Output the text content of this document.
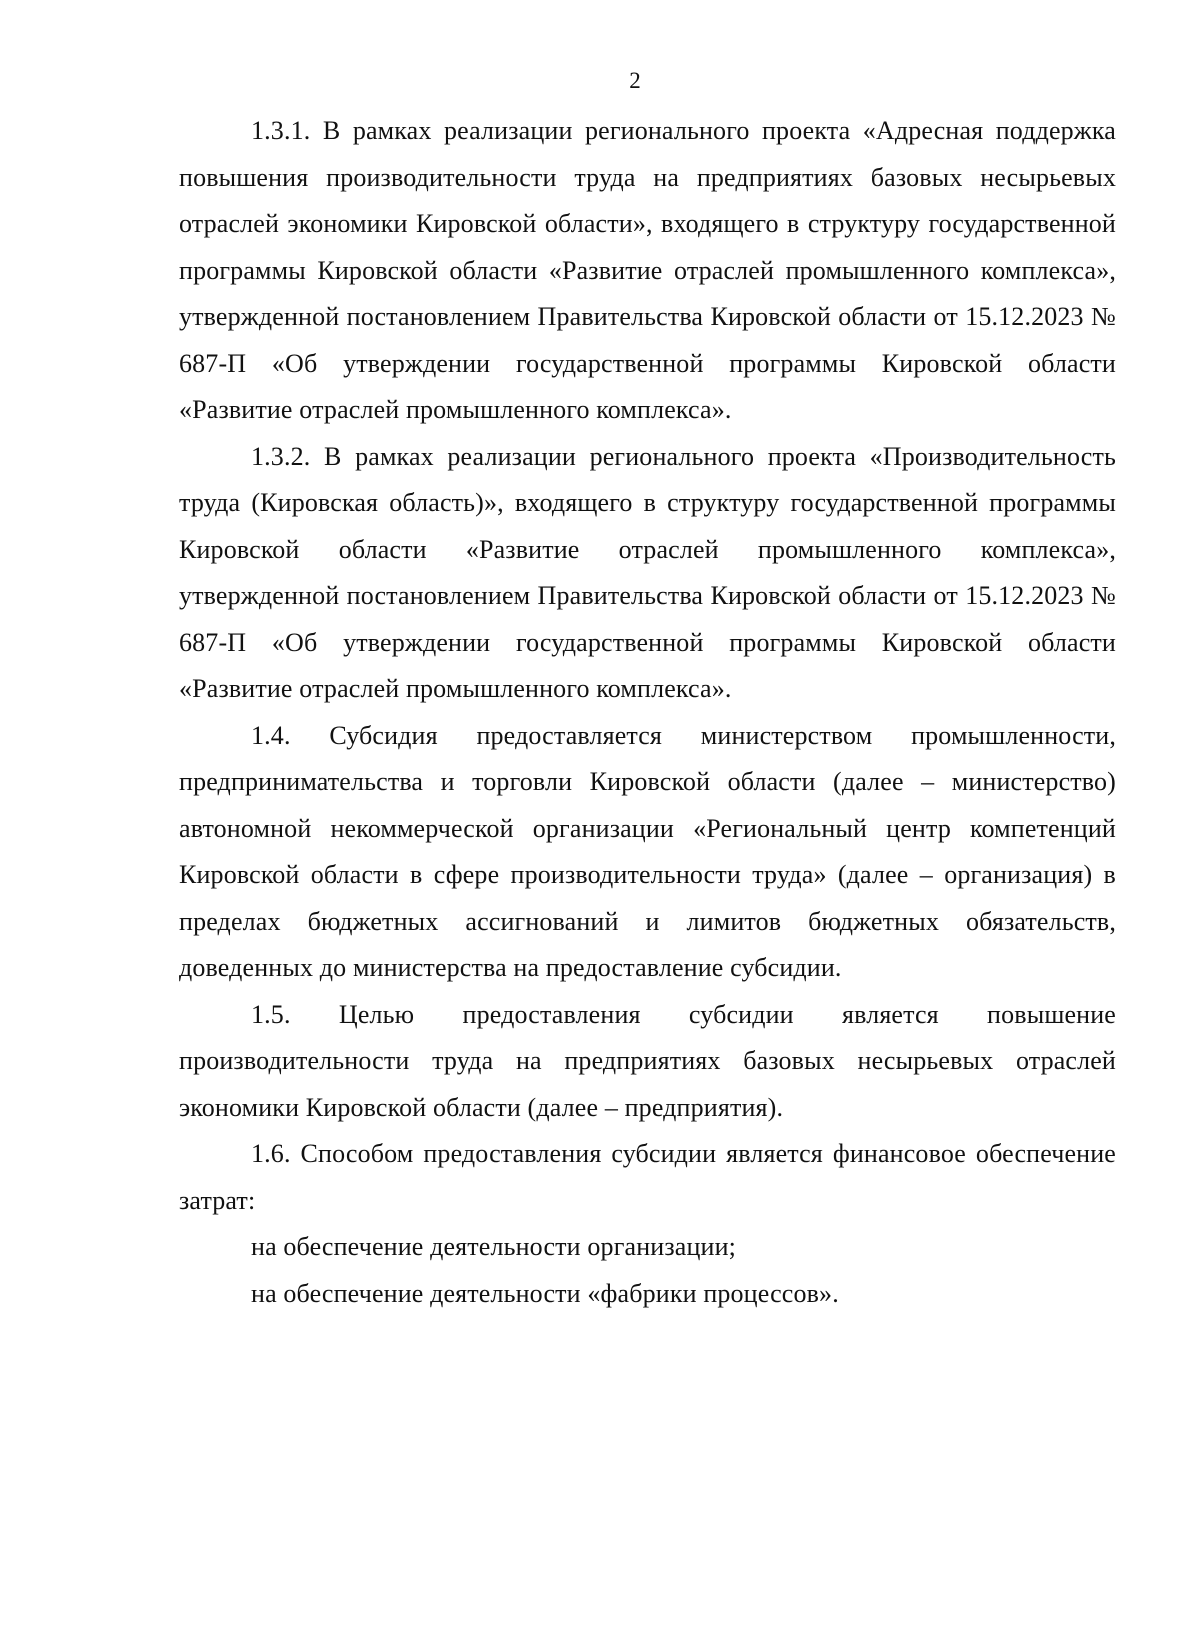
2

1.3.1. В рамках реализации регионального проекта «Адресная поддержка повышения производительности труда на предприятиях базовых несырьевых отраслей экономики Кировской области», входящего в структуру государственной программы Кировской области «Развитие отраслей промышленного комплекса», утвержденной постановлением Правительства Кировской области от 15.12.2023 № 687-П «Об утверждении государственной программы Кировской области «Развитие отраслей промышленного комплекса».

1.3.2. В рамках реализации регионального проекта «Производительность труда (Кировская область)», входящего в структуру государственной программы Кировской области «Развитие отраслей промышленного комплекса», утвержденной постановлением Правительства Кировской области от 15.12.2023 № 687-П «Об утверждении государственной программы Кировской области «Развитие отраслей промышленного комплекса».

1.4. Субсидия предоставляется министерством промышленности, предпринимательства и торговли Кировской области (далее – министерство) автономной некоммерческой организации «Региональный центр компетенций Кировской области в сфере производительности труда» (далее – организация) в пределах бюджетных ассигнований и лимитов бюджетных обязательств, доведенных до министерства на предоставление субсидии.

1.5. Целью предоставления субсидии является повышение производительности труда на предприятиях базовых несырьевых отраслей экономики Кировской области (далее – предприятия).

1.6. Способом предоставления субсидии является финансовое обеспечение затрат:

на обеспечение деятельности организации;

на обеспечение деятельности «фабрики процессов».
